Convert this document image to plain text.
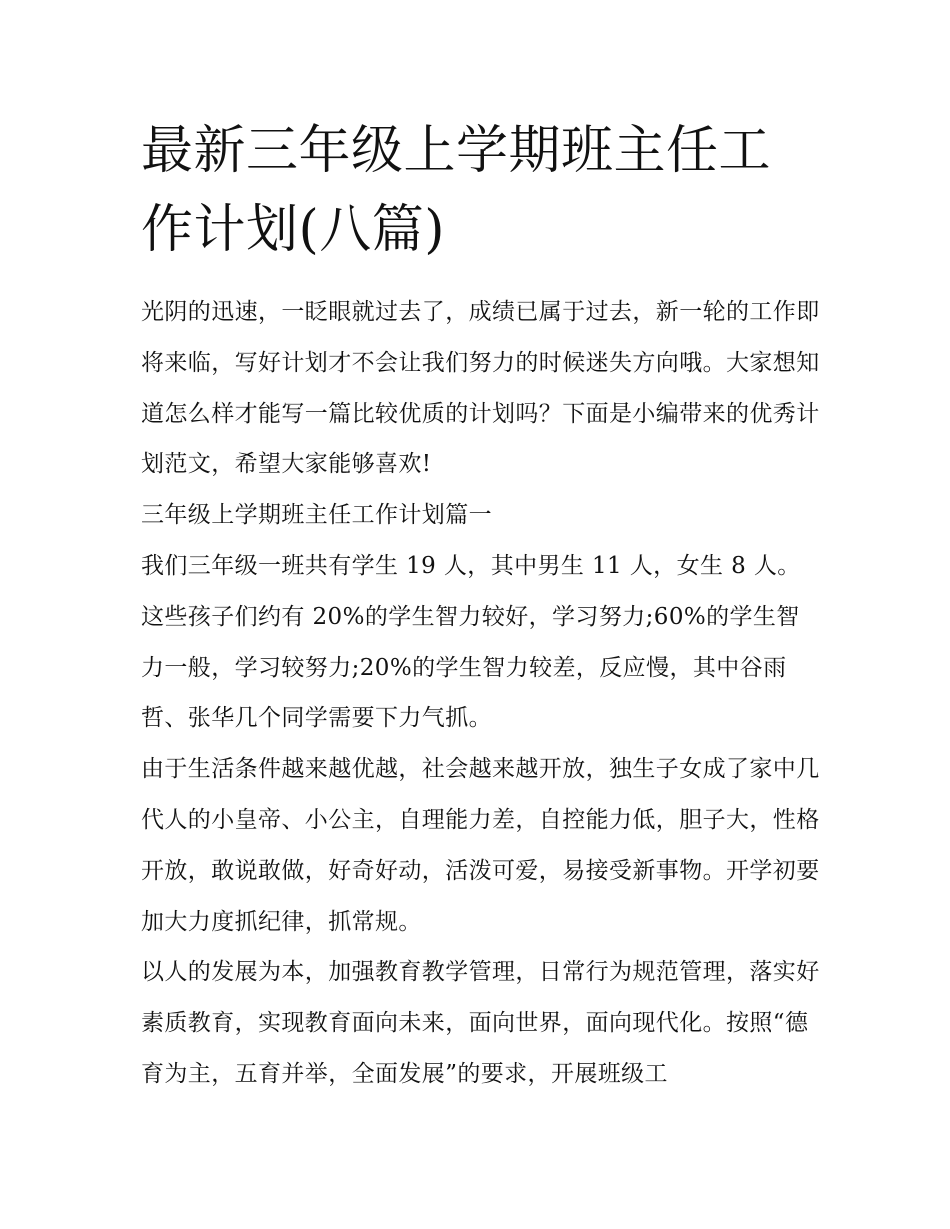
最新三年级上学期班主任工作计划(八篇)

光阴的迅速，一眨眼就过去了，成绩已属于过去，新一轮的工作即将来临，写好计划才不会让我们努力的时候迷失方向哦。大家想知道怎么样才能写一篇比较优质的计划吗？下面是小编带来的优秀计划范文，希望大家能够喜欢!

三年级上学期班主任工作计划篇一

我们三年级一班共有学生 19 人，其中男生 11 人，女生 8 人。这些孩子们约有 20%的学生智力较好，学习努力;60%的学生智力一般，学习较努力;20%的学生智力较差，反应慢，其中谷雨哲、张华几个同学需要下力气抓。

由于生活条件越来越优越，社会越来越开放，独生子女成了家中几代人的小皇帝、小公主，自理能力差，自控能力低，胆子大，性格开放，敢说敢做，好奇好动，活泼可爱，易接受新事物。开学初要加大力度抓纪律，抓常规。

以人的发展为本，加强教育教学管理，日常行为规范管理，落实好素质教育，实现教育面向未来，面向世界，面向现代化。按照“德育为主，五育并举，全面发展”的要求，开展班级工
